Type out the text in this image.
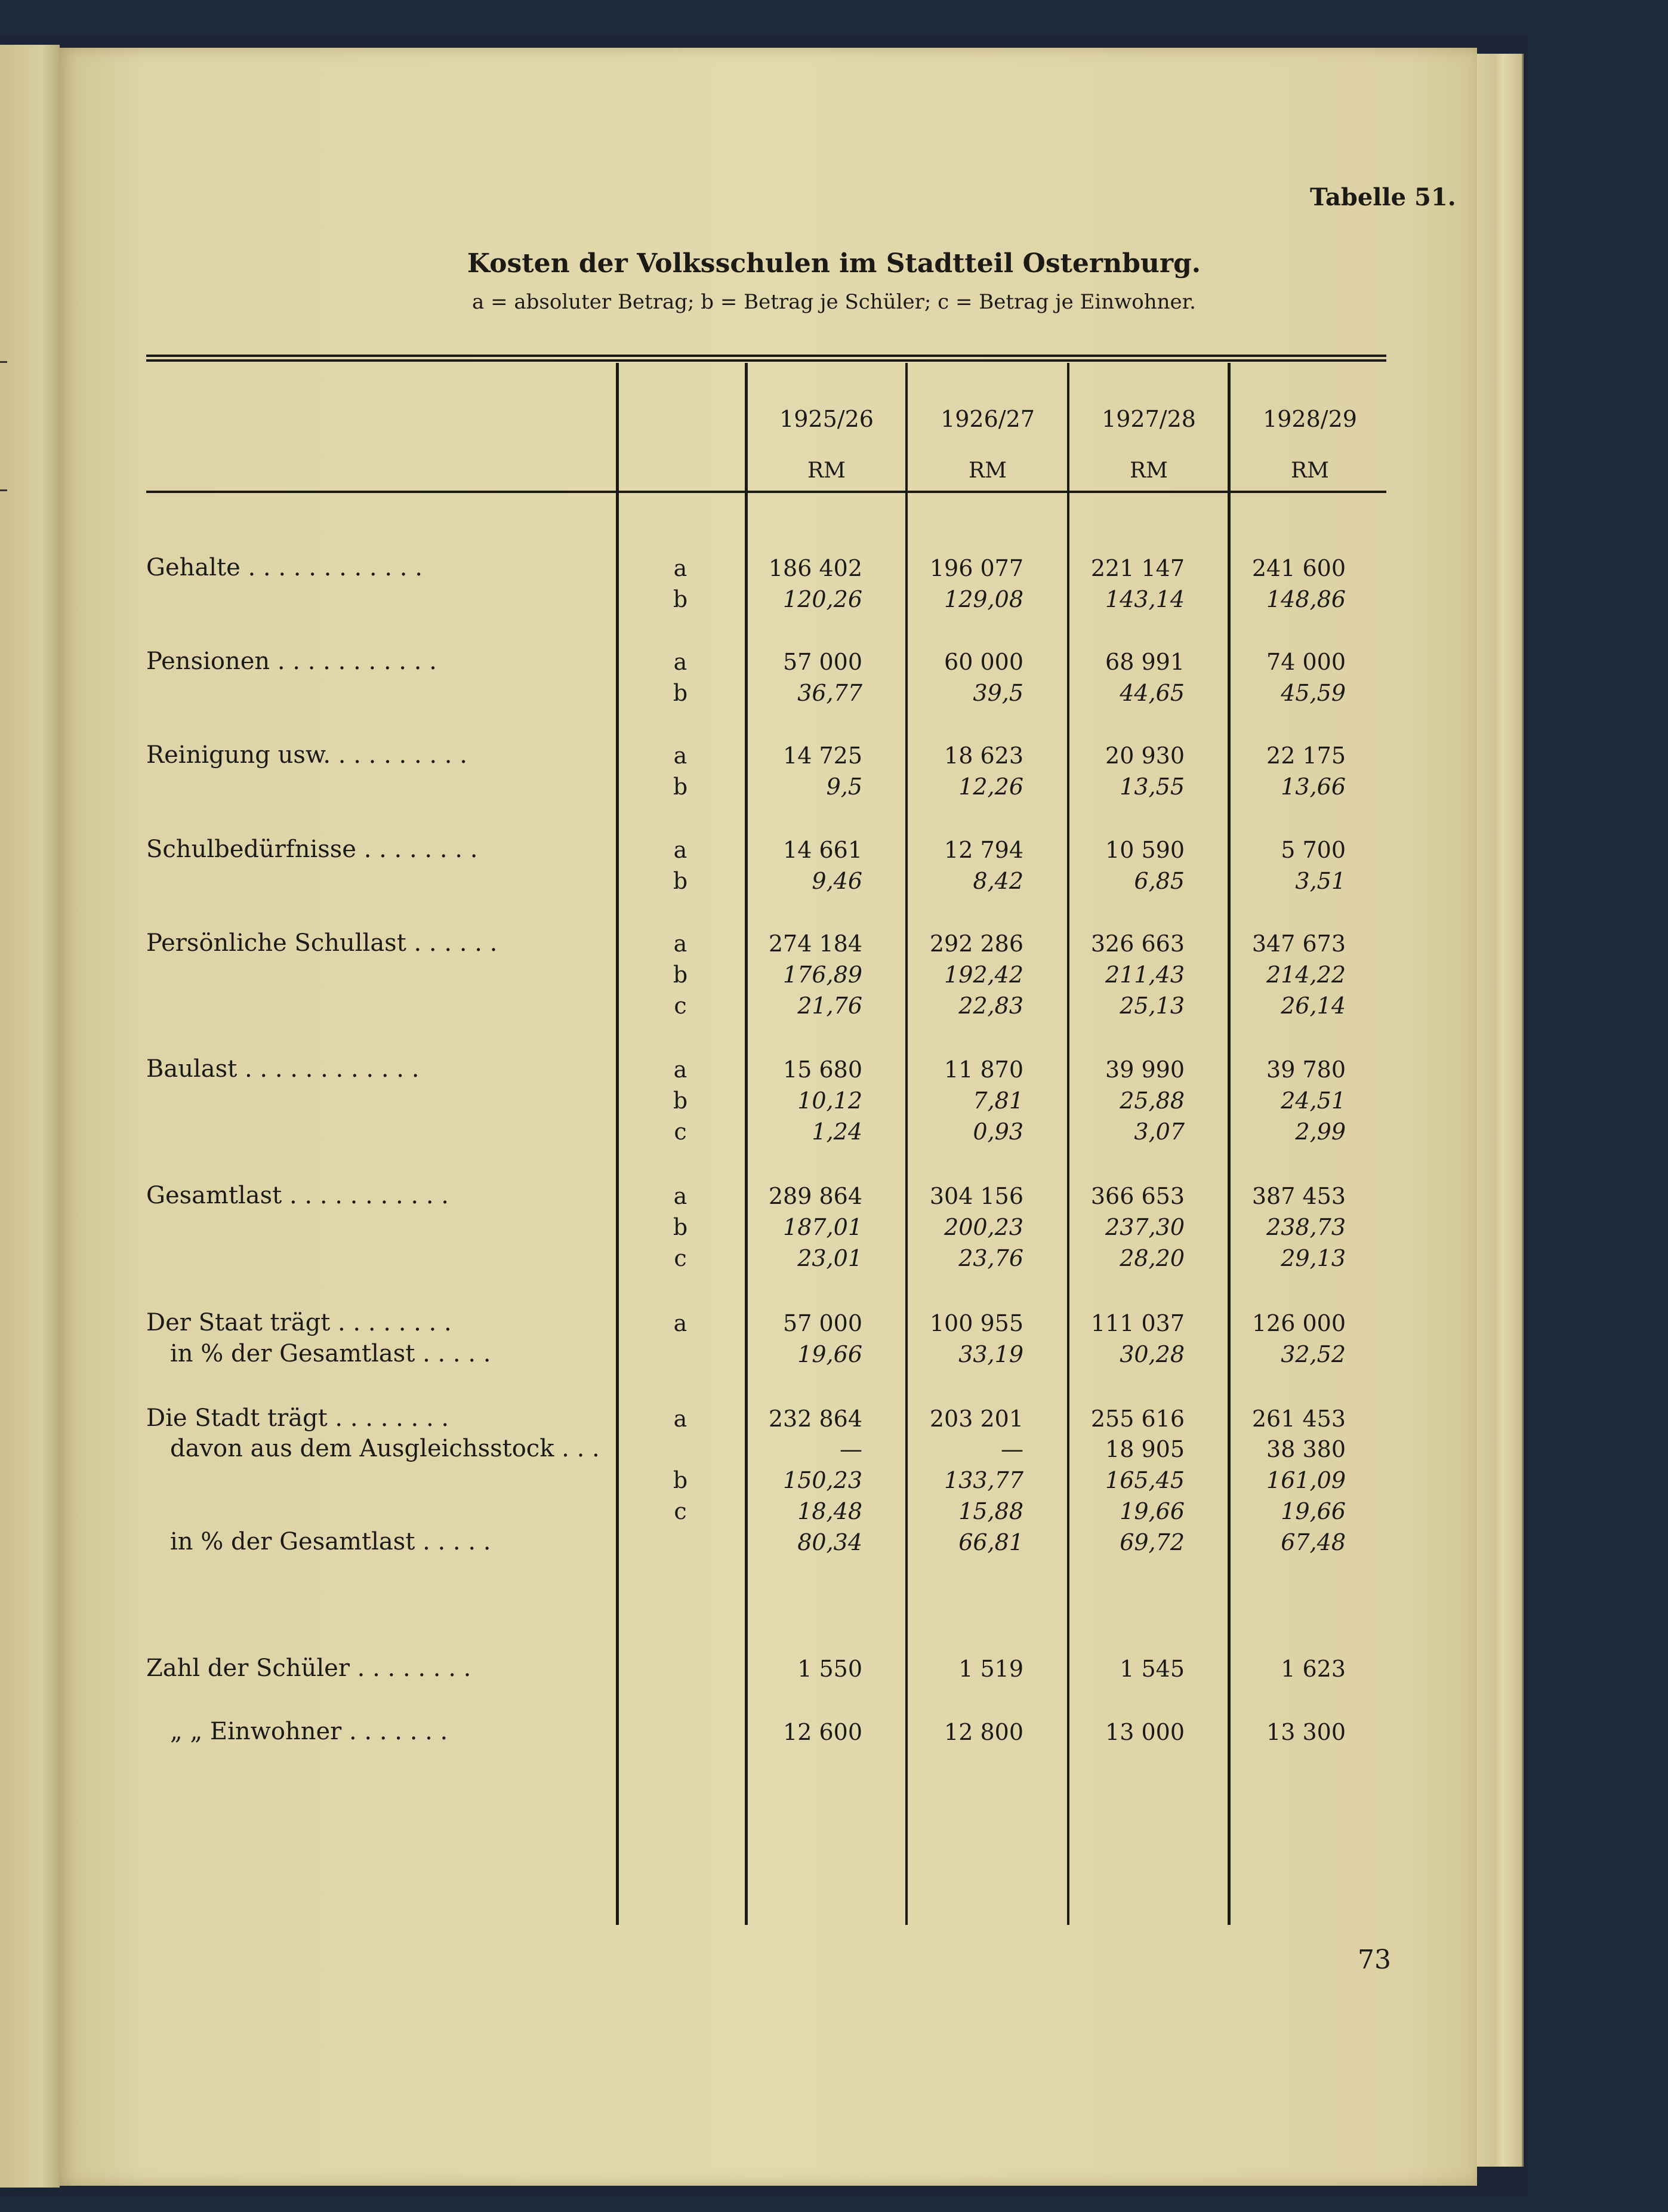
Tabelle 51.
Kosten der Volksschulen im Stadtteil Osternburg.
a = absoluter Betrag; b = Betrag je Schüler; c = Betrag je Einwohner.
1925/26	1926/27	1927/28	1928/29
RM	RM	RM	RM
Gehalte . . . . . . . . . . . .	a	186 402	196 077	221 147	241 600
b	120,26	129,08	143,14	148,86
Pensionen . . . . . . . . . . .	a	57 000	60 000	68 991	74 000
b	36,77	39,5	44,65	45,59
Reinigung usw. . . . . . . . . .	a	14 725	18 623	20 930	22 175
b	9,5	12,26	13,55	13,66
Schulbedürfnisse . . . . . . . .	a	14 661	12 794	10 590	5 700
b	9,46	8,42	6,85	3,51
Persönliche Schullast . . . . . .	a	274 184	292 286	326 663	347 673
b	176,89	192,42	211,43	214,22
c	21,76	22,83	25,13	26,14
Baulast . . . . . . . . . . . .	a	15 680	11 870	39 990	39 780
b	10,12	7,81	25,88	24,51
c	1,24	0,93	3,07	2,99
Gesamtlast . . . . . . . . . . .	a	289 864	304 156	366 653	387 453
b	187,01	200,23	237,30	238,73
c	23,01	23,76	28,20	29,13
Der Staat trägt . . . . . . . .	a	57 000	100 955	111 037	126 000
in % der Gesamtlast . . . . .	19,66	33,19	30,28	32,52
Die Stadt trägt . . . . . . . .	a	232 864	203 201	255 616	261 453
davon aus dem Ausgleichsstock . . .	—	—	18 905	38 380
b	150,23	133,77	165,45	161,09
c	18,48	15,88	19,66	19,66
in % der Gesamtlast . . . . .	80,34	66,81	69,72	67,48
Zahl der Schüler . . . . . . . .	1 550	1 519	1 545	1 623
„ „ Einwohner . . . . . . .	12 600	12 800	13 000	13 300
73
